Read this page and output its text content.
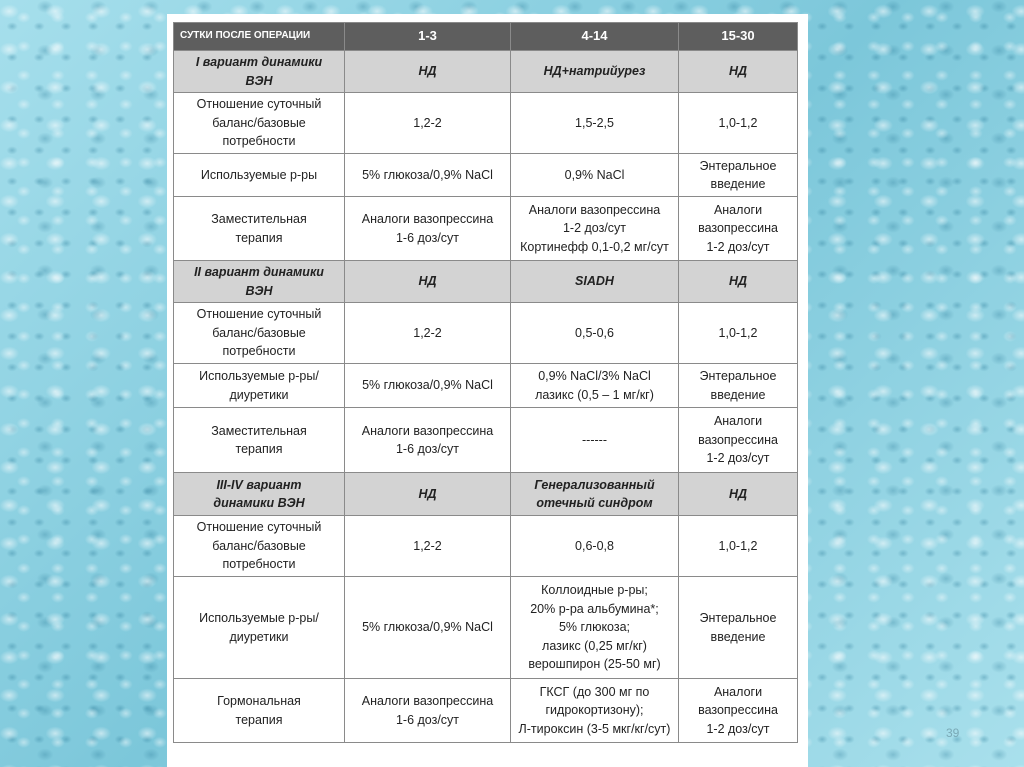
СУТКИ ПОСЛЕ ОПЕРАЦИИ	1-3	4-14	15-30

I вариант динамики
ВЭН	НД	НД+натрийурез	НД

Отношение суточный
баланс/базовые
потребности	1,2-2	1,5-2,5	1,0-1,2

Используемые р-ры	5% глюкоза/0,9% NaCl	0,9% NaCl	Энтеральное
введение

Заместительная
терапия	Аналоги вазопрессина
1-6 доз/сут	Аналоги вазопрессина
1-2 доз/сут
Кортинефф 0,1-0,2 мг/сут	Аналоги
вазопрессина
1-2 доз/сут

II вариант динамики
ВЭН	НД	SIADH	НД

Отношение суточный
баланс/базовые
потребности	1,2-2	0,5-0,6	1,0-1,2

Используемые р-ры/
диуретики	5% глюкоза/0,9% NaCl	0,9% NaCl/3% NaCl
лазикс (0,5 – 1 мг/кг)	Энтеральное
введение

Заместительная
терапия	Аналоги вазопрессина
1-6 доз/сут	------	Аналоги
вазопрессина
1-2 доз/сут

III-IV вариант
динамики ВЭН	НД	Генерализованный отечный синдром	НД

Отношение суточный
баланс/базовые
потребности	1,2-2	0,6-0,8	1,0-1,2

Используемые р-ры/
диуретики	5% глюкоза/0,9% NaCl	Коллоидные р-ры;
20% р-ра альбумина*;
5% глюкоза;
лазикс (0,25 мг/кг)
верошпирон (25-50 мг)	Энтеральное
введение

Гормональная
терапия	Аналоги вазопрессина
1-6 доз/сут	ГКСГ (до 300 мг по
гидрокортизону);
Л-тироксин (3-5 мкг/кг/сут)	Аналоги
вазопрессина
1-2 доз/сут	39
